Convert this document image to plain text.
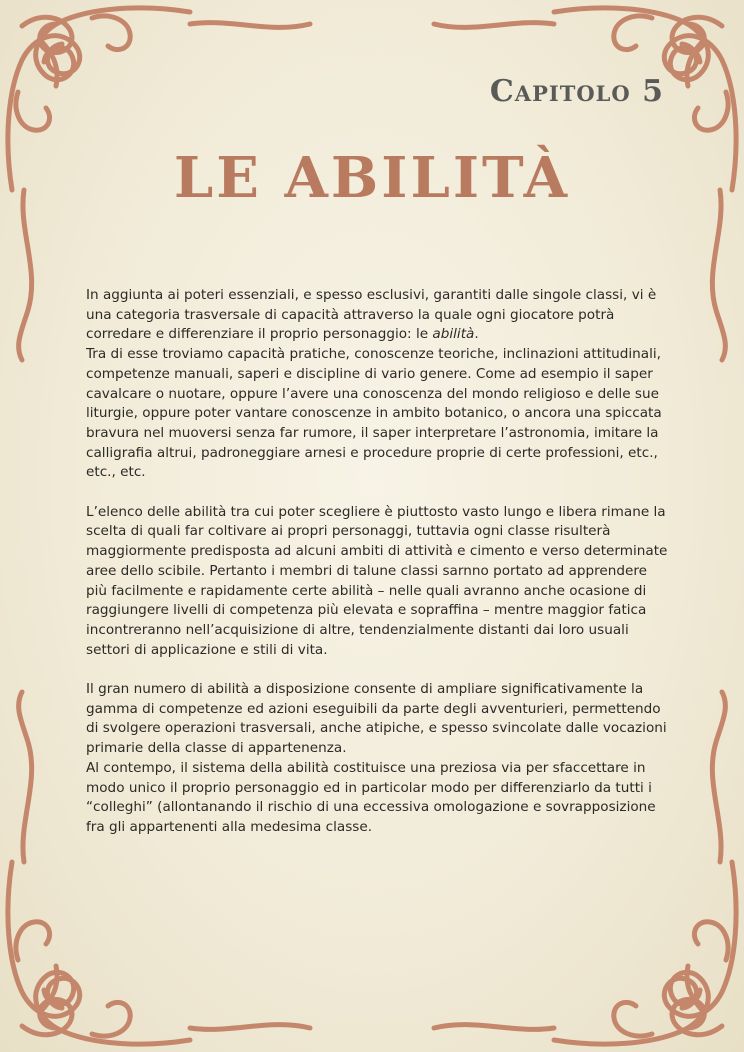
Capitolo 5
LE ABILITÀ

In aggiunta ai poteri essenziali, e spesso esclusivi, garantiti dalle singole classi, vi è una categoria trasversale di capacità attraverso la quale ogni giocatore potrà corredare e differenziare il proprio personaggio: le abilità.

Tra di esse troviamo capacità pratiche, conoscenze teoriche, inclinazioni attitudinali, competenze manuali, saperi e discipline di vario genere. Come ad esempio il saper cavalcare o nuotare, oppure l’avere una conoscenza del mondo religioso e delle sue liturgie, oppure poter vantare conoscenze in ambito botanico, o ancora una spiccata bravura nel muoversi senza far rumore, il saper interpretare l’astronomia, imitare la calligrafia altrui, padroneggiare arnesi e procedure proprie di certe professioni, etc., etc., etc.

L’elenco delle abilità tra cui poter scegliere è piuttosto vasto lungo e libera rimane la scelta di quali far coltivare ai propri personaggi, tuttavia ogni classe risulterà maggiormente predisposta ad alcuni ambiti di attività e cimento e verso determinate aree dello scibile. Pertanto i membri di talune classi sarnno portato ad apprendere più facilmente e rapidamente certe abilità – nelle quali avranno anche ocasione di raggiungere livelli di competenza più elevata e sopraffina – mentre maggior fatica incontreranno nell’acquisizione di altre, tendenzialmente distanti dai loro usuali settori di applicazione e stili di vita.

Il gran numero di abilità a disposizione consente di ampliare significativamente la gamma di competenze ed azioni eseguibili da parte degli avventurieri, permettendo di svolgere operazioni trasversali, anche atipiche, e spesso svincolate dalle vocazioni primarie della classe di appartenenza.

Al contempo, il sistema della abilità costituisce una preziosa via per sfaccettare in modo unico il proprio personaggio ed in particolar modo per differenziarlo da tutti i “colleghi” (allontanando il rischio di una eccessiva omologazione e sovrapposizione fra gli appartenenti alla medesima classe.
